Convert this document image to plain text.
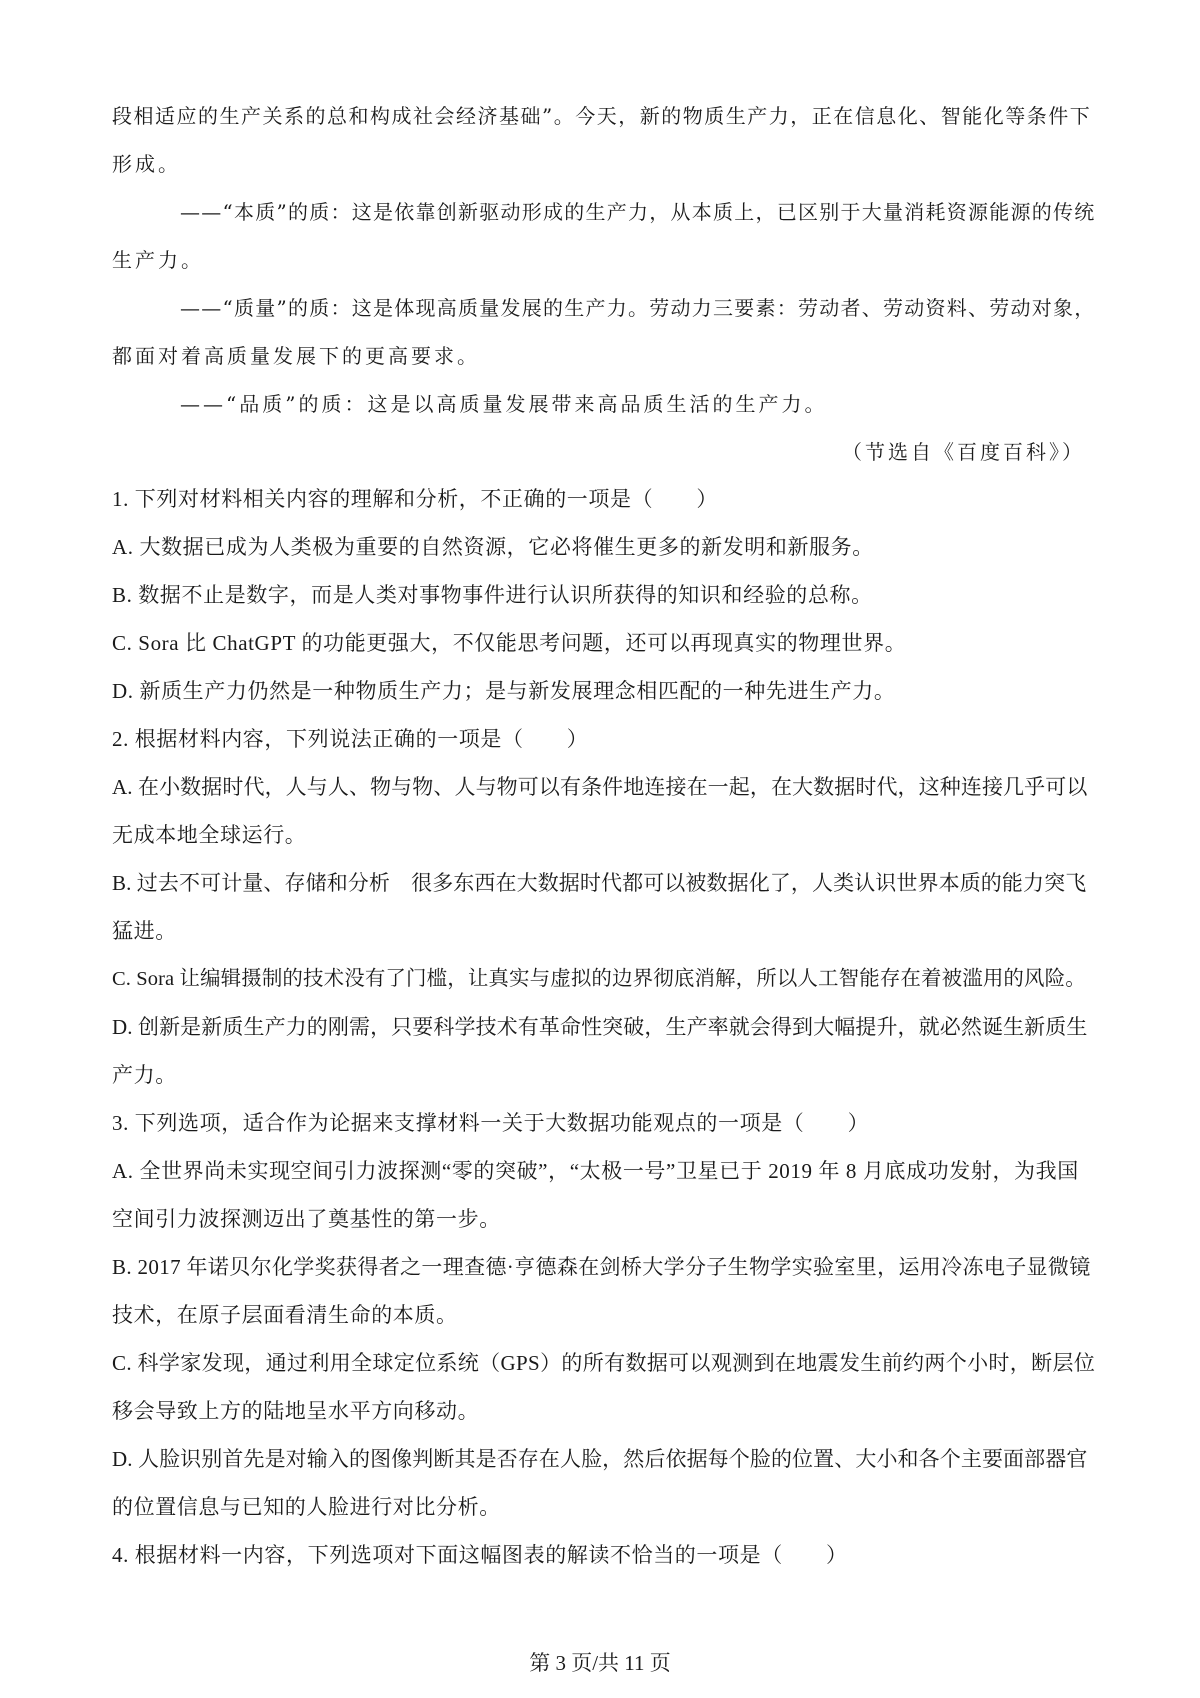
段相适应的生产关系的总和构成社会经济基础”。今天，新的物质生产力，正在信息化、智能化等条件下
形成。
——“本质”的质：这是依靠创新驱动形成的生产力，从本质上，已区别于大量消耗资源能源的传统
生产力。
——“质量”的质：这是体现高质量发展的生产力。劳动力三要素：劳动者、劳动资料、劳动对象，
都面对着高质量发展下的更高要求。
——“品质”的质：这是以高质量发展带来高品质生活的生产力。
（节选自《百度百科》）
1. 下列对材料相关内容的理解和分析，不正确的一项是（　　）
A. 大数据已成为人类极为重要的自然资源，它必将催生更多的新发明和新服务。
B. 数据不止是数字，而是人类对事物事件进行认识所获得的知识和经验的总称。
C. Sora 比 ChatGPT 的功能更强大，不仅能思考问题，还可以再现真实的物理世界。
D. 新质生产力仍然是一种物质生产力；是与新发展理念相匹配的一种先进生产力。
2. 根据材料内容，下列说法正确的一项是（　　）
A. 在小数据时代，人与人、物与物、人与物可以有条件地连接在一起，在大数据时代，这种连接几乎可以
无成本地全球运行。
B. 过去不可计量、存储和分析　很多东西在大数据时代都可以被数据化了，人类认识世界本质的能力突飞
猛进。
C. Sora 让编辑摄制的技术没有了门槛，让真实与虚拟的边界彻底消解，所以人工智能存在着被滥用的风险。
D. 创新是新质生产力的刚需，只要科学技术有革命性突破，生产率就会得到大幅提升，就必然诞生新质生
产力。
3. 下列选项，适合作为论据来支撑材料一关于大数据功能观点的一项是（　　）
A. 全世界尚未实现空间引力波探测“零的突破”，“太极一号”卫星已于 2019 年 8 月底成功发射，为我国
空间引力波探测迈出了奠基性的第一步。
B. 2017 年诺贝尔化学奖获得者之一理查德·亨德森在剑桥大学分子生物学实验室里，运用冷冻电子显微镜
技术，在原子层面看清生命的本质。
C. 科学家发现，通过利用全球定位系统（GPS）的所有数据可以观测到在地震发生前约两个小时，断层位
移会导致上方的陆地呈水平方向移动。
D. 人脸识别首先是对输入的图像判断其是否存在人脸，然后依据每个脸的位置、大小和各个主要面部器官
的位置信息与已知的人脸进行对比分析。
4. 根据材料一内容，下列选项对下面这幅图表的解读不恰当的一项是（　　）
第 3 页/共 11 页
